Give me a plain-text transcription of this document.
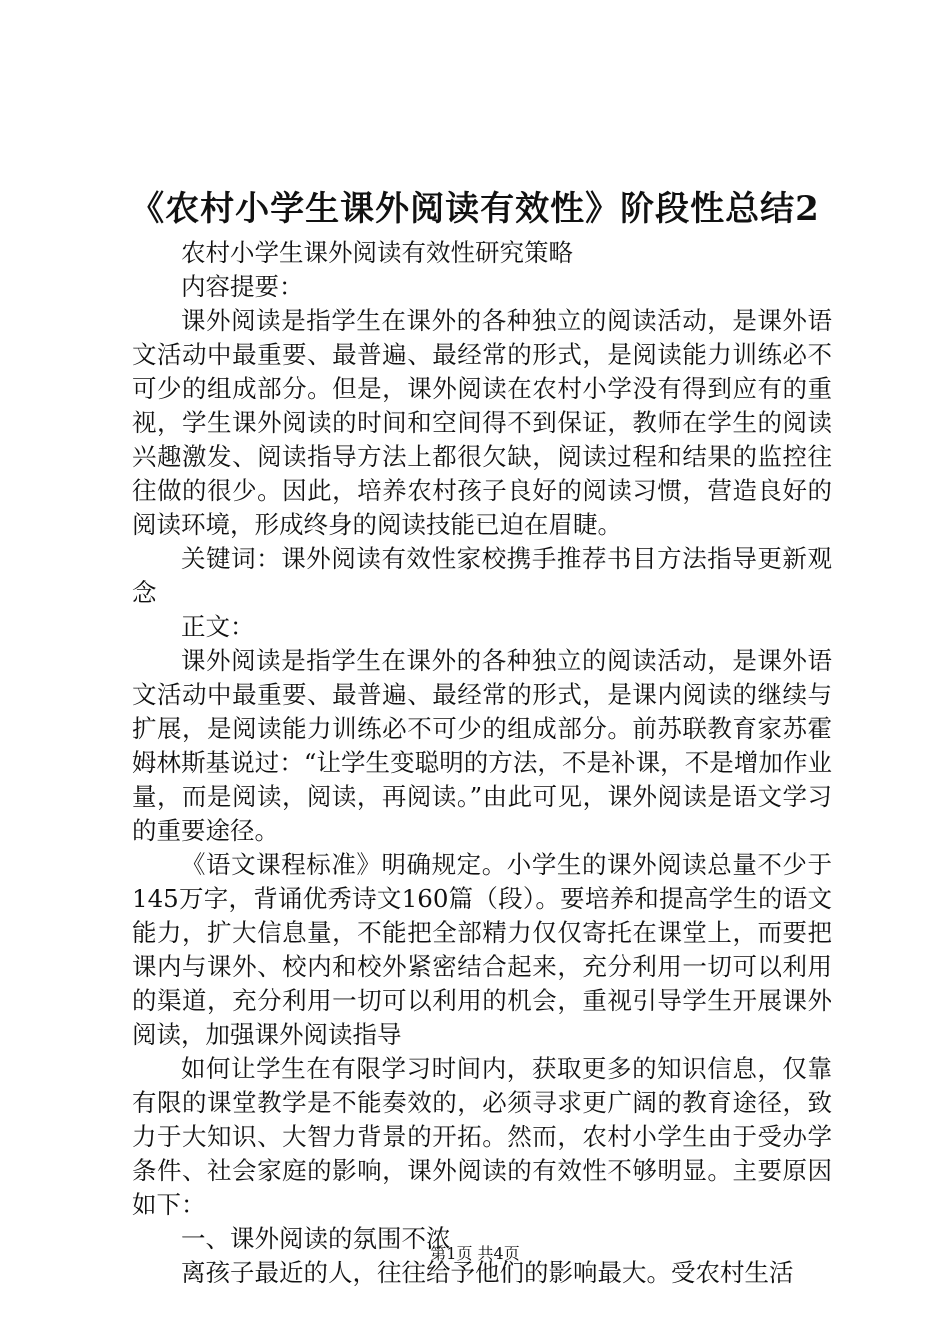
《农村小学生课外阅读有效性》阶段性总结2

农村小学生课外阅读有效性研究策略

内容提要：

课外阅读是指学生在课外的各种独立的阅读活动，是课外语文活动中最重要、最普遍、最经常的形式，是阅读能力训练必不可少的组成部分。但是，课外阅读在农村小学没有得到应有的重视，学生课外阅读的时间和空间得不到保证，教师在学生的阅读兴趣激发、阅读指导方法上都很欠缺，阅读过程和结果的监控往往做的很少。因此，培养农村孩子良好的阅读习惯，营造良好的阅读环境，形成终身的阅读技能已迫在眉睫。

关键词：课外阅读有效性家校携手推荐书目方法指导更新观念

正文：

课外阅读是指学生在课外的各种独立的阅读活动，是课外语文活动中最重要、最普遍、最经常的形式，是课内阅读的继续与扩展，是阅读能力训练必不可少的组成部分。前苏联教育家苏霍姆林斯基说过：“让学生变聪明的方法，不是补课，不是增加作业量，而是阅读，阅读，再阅读。”由此可见，课外阅读是语文学习的重要途径。

《语文课程标准》明确规定。小学生的课外阅读总量不少于145万字，背诵优秀诗文160篇（段）。要培养和提高学生的语文能力，扩大信息量，不能把全部精力仅仅寄托在课堂上，而要把课内与课外、校内和校外紧密结合起来，充分利用一切可以利用的渠道，充分利用一切可以利用的机会，重视引导学生开展课外阅读，加强课外阅读指导

如何让学生在有限学习时间内，获取更多的知识信息，仅靠有限的课堂教学是不能奏效的，必须寻求更广阔的教育途径，致力于大知识、大智力背景的开拓。然而，农村小学生由于受办学条件、社会家庭的影响，课外阅读的有效性不够明显。主要原因如下：

一、课外阅读的氛围不浓

离孩子最近的人，往往给予他们的影响最大。受农村生活

第1页 共4页
